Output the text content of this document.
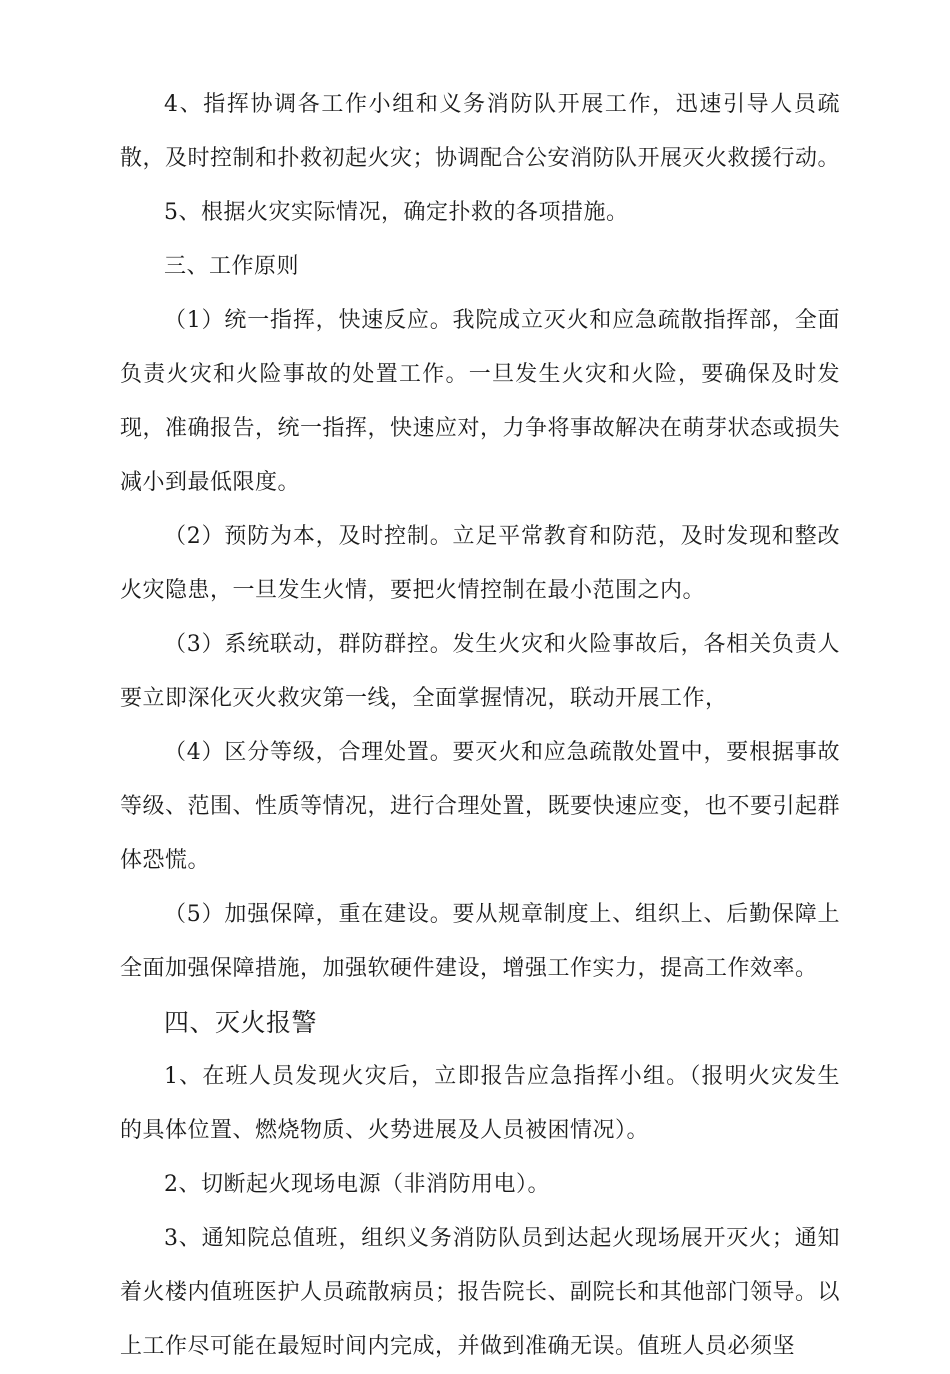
4、指挥协调各工作小组和义务消防队开展工作，迅速引导人员疏散，及时控制和扑救初起火灾；协调配合公安消防队开展灭火救援行动。

5、根据火灾实际情况，确定扑救的各项措施。

三、工作原则

（1）统一指挥，快速反应。我院成立灭火和应急疏散指挥部，全面负责火灾和火险事故的处置工作。一旦发生火灾和火险，要确保及时发现，准确报告，统一指挥，快速应对，力争将事故解决在萌芽状态或损失减小到最低限度。

（2）预防为本，及时控制。立足平常教育和防范，及时发现和整改火灾隐患，一旦发生火情，要把火情控制在最小范围之内。

（3）系统联动，群防群控。发生火灾和火险事故后，各相关负责人要立即深化灭火救灾第一线，全面掌握情况，联动开展工作，

（4）区分等级，合理处置。要灭火和应急疏散处置中，要根据事故等级、范围、性质等情况，进行合理处置，既要快速应变，也不要引起群体恐慌。

（5）加强保障，重在建设。要从规章制度上、组织上、后勤保障上全面加强保障措施，加强软硬件建设，增强工作实力，提高工作效率。

四、灭火报警

1、在班人员发现火灾后，立即报告应急指挥小组。（报明火灾发生的具体位置、燃烧物质、火势进展及人员被困情况）。

2、切断起火现场电源（非消防用电）。

3、通知院总值班，组织义务消防队员到达起火现场展开灭火；通知着火楼内值班医护人员疏散病员；报告院长、副院长和其他部门领导。以上工作尽可能在最短时间内完成，并做到准确无误。值班人员必须坚
